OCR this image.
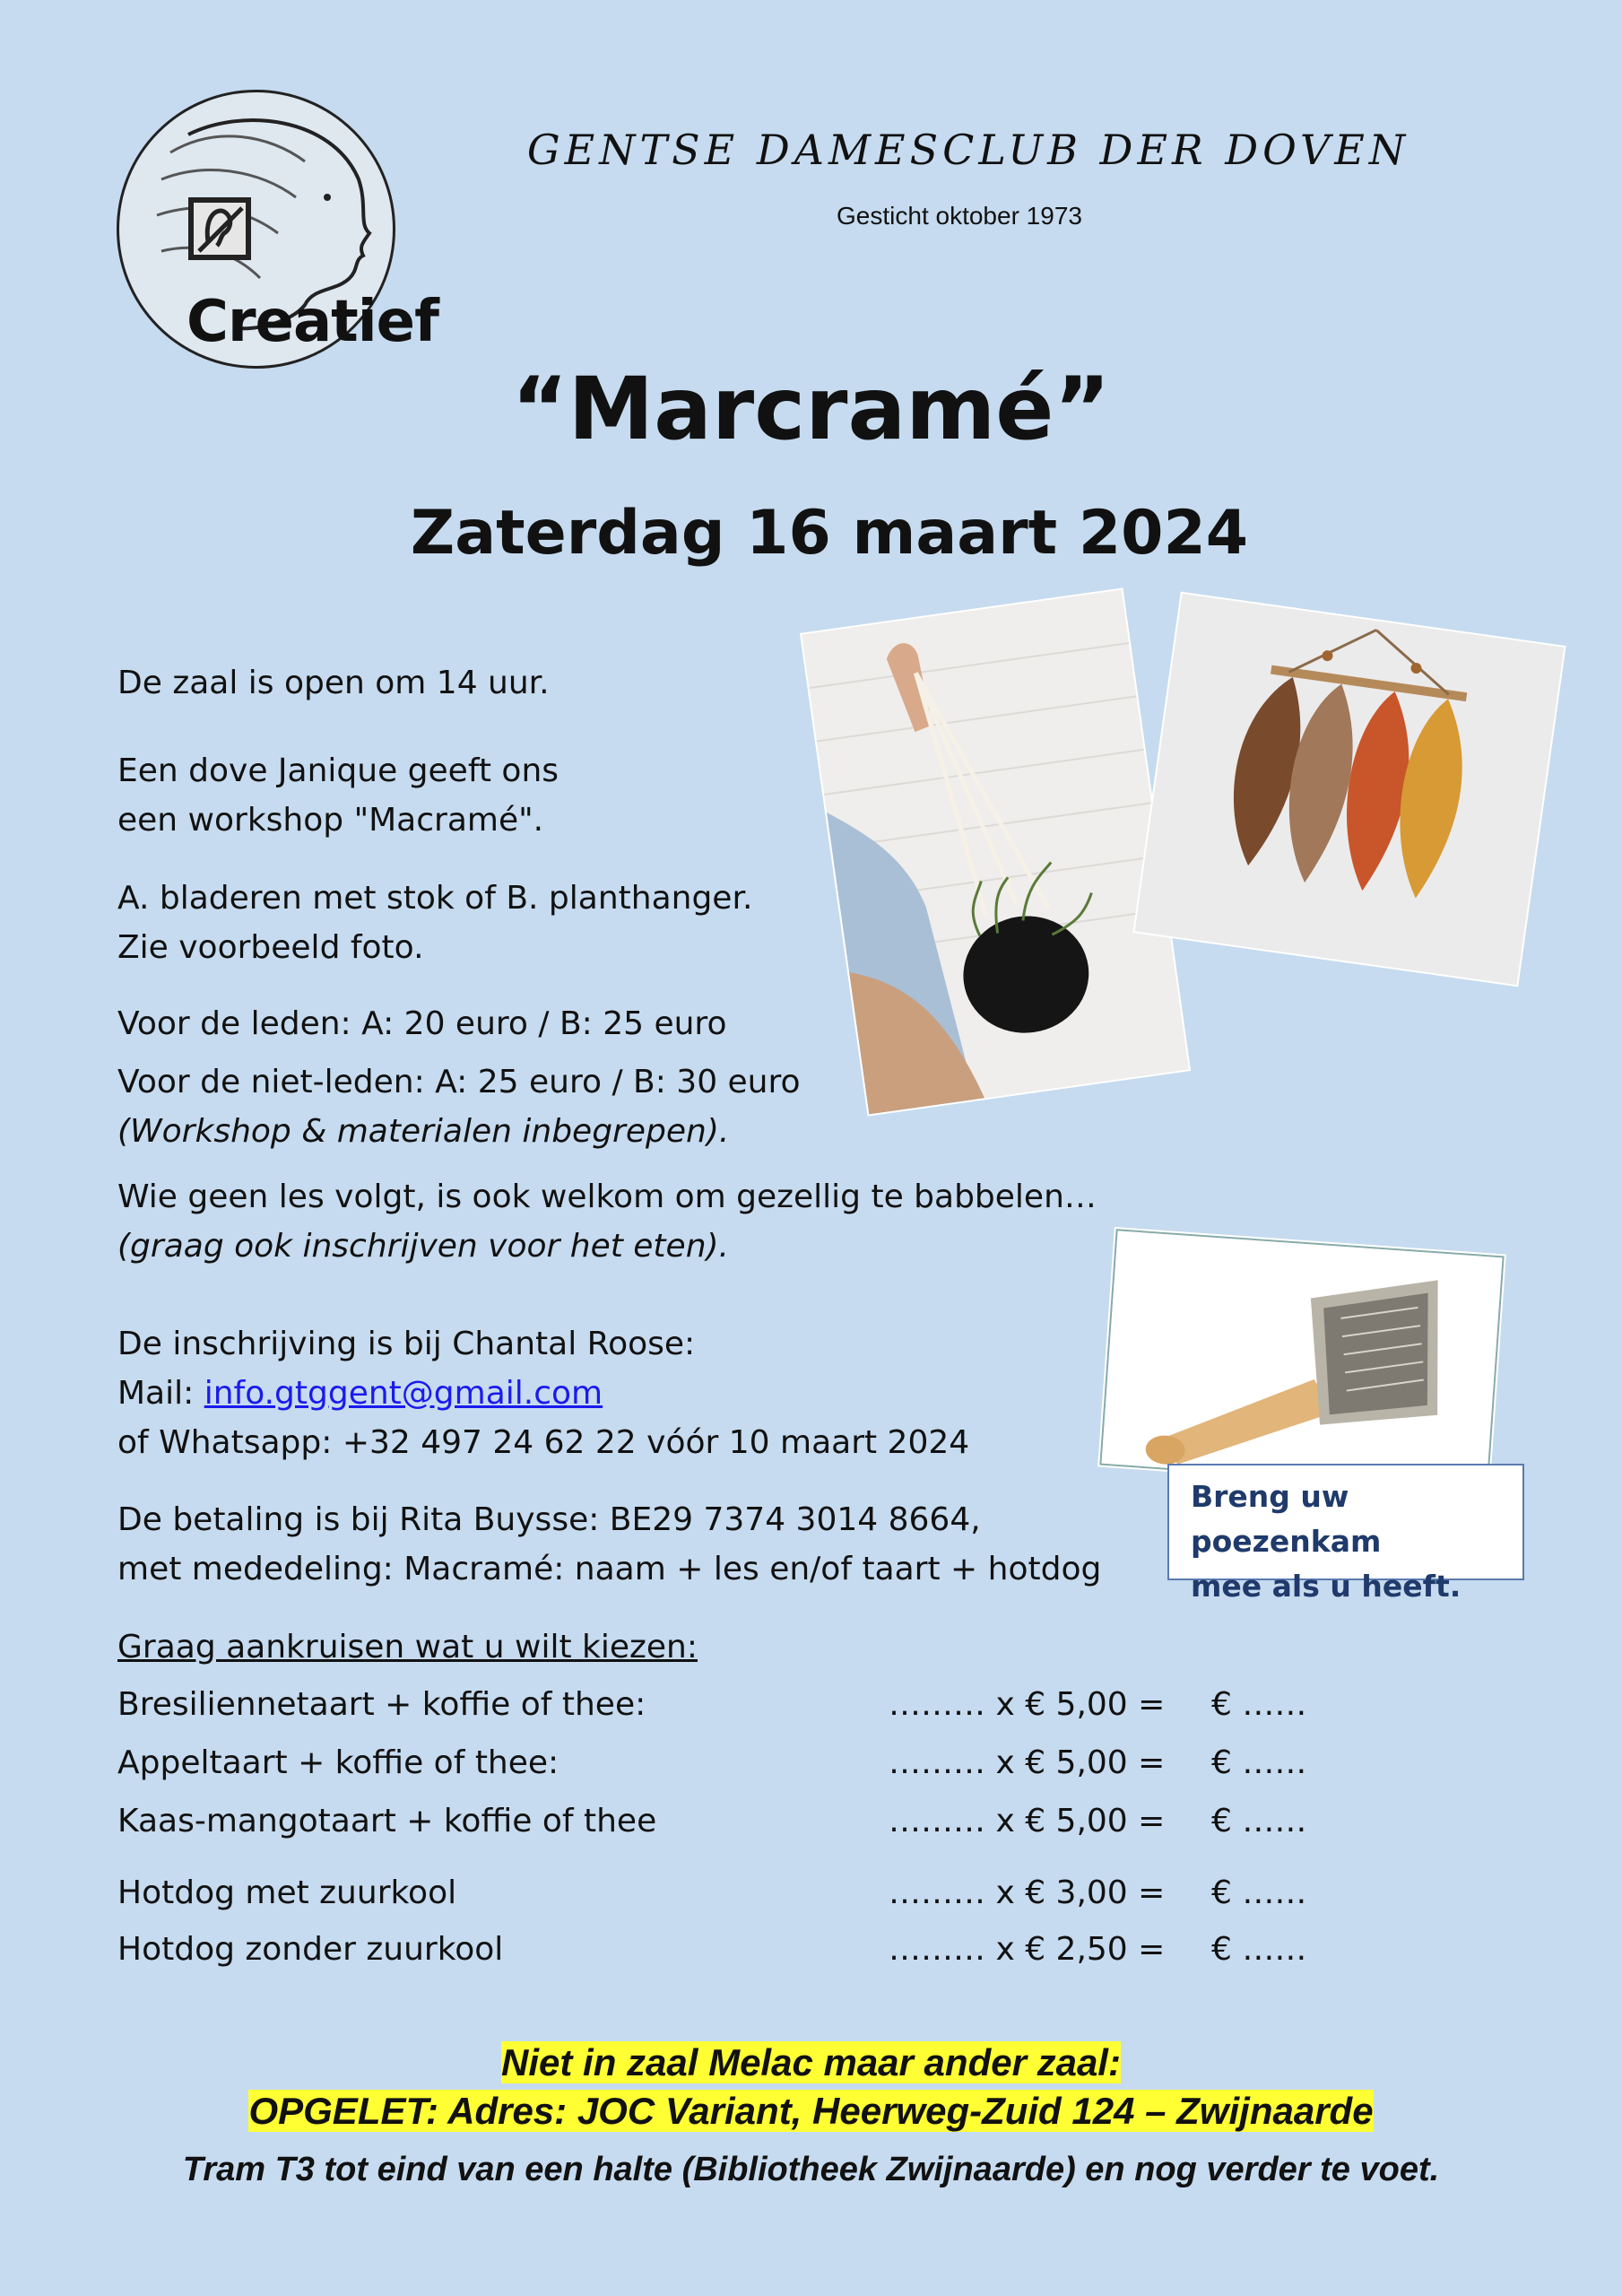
Creatief
GENTSE DAMESCLUB DER DOVEN
Gesticht oktober 1973
“Marcramé”
Zaterdag 16 maart 2024
De zaal is open om 14 uur.
Een dove Janique geeft ons
een workshop "Macramé".
A. bladeren met stok of B. planthanger.
Zie voorbeeld foto.
Voor de leden: A: 20 euro / B: 25 euro
Voor de niet-leden: A: 25 euro / B: 30 euro
(Workshop & materialen inbegrepen).
Wie geen les volgt, is ook welkom om gezellig te babbelen…
(graag ook inschrijven voor het eten).
De inschrijving is bij Chantal Roose:
Mail: info.gtggent@gmail.com
of Whatsapp: +32 497 24 62 22 vóór 10 maart 2024
De betaling is bij Rita Buysse: BE29 7374 3014 8664,
met mededeling: Macramé: naam + les en/of taart + hotdog
Graag aankruisen wat u wilt kiezen:
Breng uw poezenkam
mee als u heeft.
Bresiliennetaart + koffie of thee:	……… x € 5,00 = € ……
Appeltaart + koffie of thee:	……… x € 5,00 = € ……
Kaas-mangotaart + koffie of thee	……… x € 5,00 = € ……
Hotdog met zuurkool	……… x € 3,00 = € ……
Hotdog zonder zuurkool	……… x € 2,50 = € ……
Niet in zaal Melac maar ander zaal:
OPGELET: Adres: JOC Variant, Heerweg-Zuid 124 – Zwijnaarde
Tram T3 tot eind van een halte (Bibliotheek Zwijnaarde) en nog verder te voet.
